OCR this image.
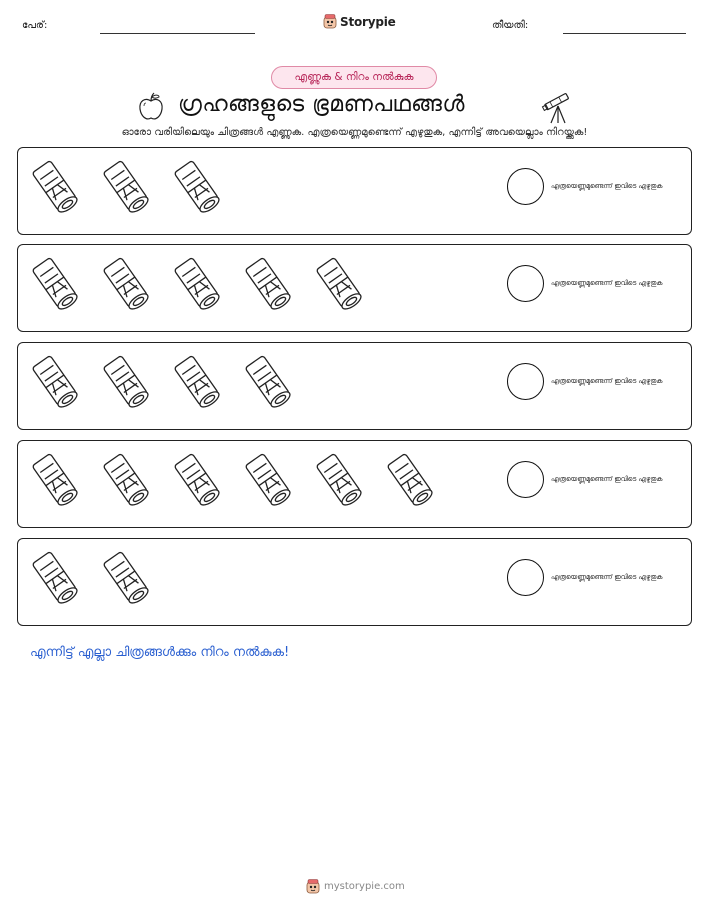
പേര്:	Storypie	തീയതി:
എണ്ണുക & നിറം നൽകുക
ഗ്രഹങ്ങളുടെ ഭ്രമണപഥങ്ങൾ
ഓരോ വരിയിലെയും ചിത്രങ്ങൾ എണ്ണുക. എത്രയെണ്ണമുണ്ടെന്ന് എഴുതുക, എന്നിട്ട് അവയെല്ലാം നിറയ്ക്കുക!
എത്രയെണ്ണമുണ്ടെന്ന് ഇവിടെ എഴുതുക
എത്രയെണ്ണമുണ്ടെന്ന് ഇവിടെ എഴുതുക
എത്രയെണ്ണമുണ്ടെന്ന് ഇവിടെ എഴുതുക
എത്രയെണ്ണമുണ്ടെന്ന് ഇവിടെ എഴുതുക
എത്രയെണ്ണമുണ്ടെന്ന് ഇവിടെ എഴുതുക
എന്നിട്ട് എല്ലാ ചിത്രങ്ങൾക്കും നിറം നൽകുക!
mystorypie.com
